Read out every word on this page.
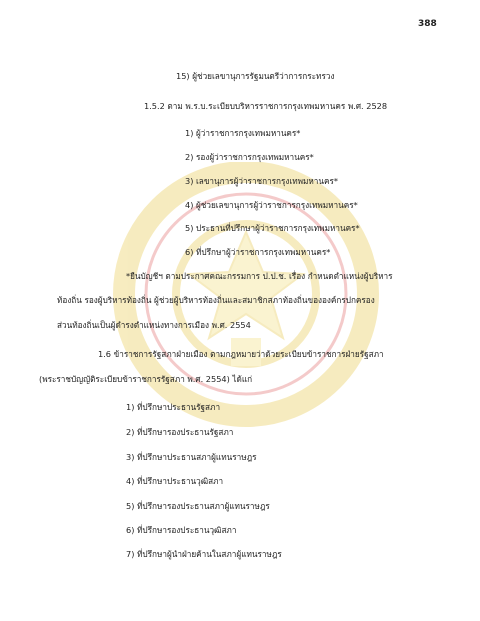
388
15) ผู้ช่วยเลขานุการรัฐมนตรีว่าการกระทรวง
1.5.2 ตาม พ.ร.บ.ระเบียบบริหารราชการกรุงเทพมหานคร พ.ศ. 2528
1) ผู้ว่าราชการกรุงเทพมหานคร*
2) รองผู้ว่าราชการกรุงเทพมหานคร*
3) เลขานุการผู้ว่าราชการกรุงเทพมหานคร*
4) ผู้ช่วยเลขานุการผู้ว่าราชการกรุงเทพมหานคร*
5) ประธานที่ปรึกษาผู้ว่าราชการกรุงเทพมหานคร*
6) ที่ปรึกษาผู้ว่าราชการกรุงเทพมหานคร*
*ยืนบัญชีฯ ตามประกาศคณะกรรมการ ป.ป.ช. เรื่อง กำหนดตำแหน่งผู้บริหาร
ท้องถิ่น รองผู้บริหารท้องถิ่น ผู้ช่วยผู้บริหารท้องถิ่นและสมาชิกสภาท้องถิ่นขององค์กรปกครอง
ส่วนท้องถิ่นเป็นผู้ดำรงตำแหน่งทางการเมือง พ.ศ. 2554
1.6 ข้าราชการรัฐสภาฝ่ายเมือง ตามกฎหมายว่าด้วยระเบียบข้าราชการฝ่ายรัฐสภา
(พระราชบัญญัติระเบียบข้าราชการรัฐสภา พ.ศ. 2554) ได้แก่
1) ที่ปรึกษาประธานรัฐสภา
2) ที่ปรึกษารองประธานรัฐสภา
3) ที่ปรึกษาประธานสภาผู้แทนราษฎร
4) ที่ปรึกษาประธานวุฒิสภา
5) ที่ปรึกษารองประธานสภาผู้แทนราษฎร
6) ที่ปรึกษารองประธานวุฒิสภา
7) ที่ปรึกษาผู้นำฝ่ายค้านในสภาผู้แทนราษฎร
